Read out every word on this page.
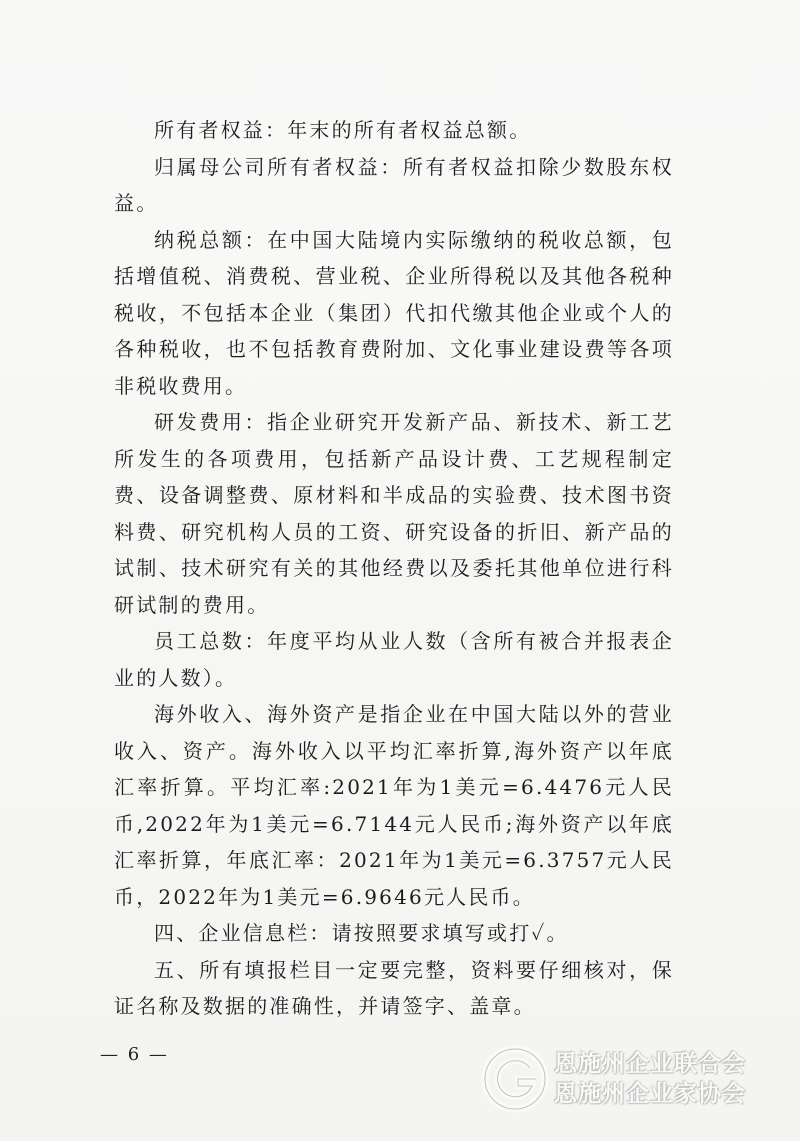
所有者权益：年末的所有者权益总额。

归属母公司所有者权益：所有者权益扣除少数股东权益。

纳税总额：在中国大陆境内实际缴纳的税收总额，包括增值税、消费税、营业税、企业所得税以及其他各税种税收，不包括本企业（集团）代扣代缴其他企业或个人的各种税收，也不包括教育费附加、文化事业建设费等各项非税收费用。

研发费用：指企业研究开发新产品、新技术、新工艺所发生的各项费用，包括新产品设计费、工艺规程制定费、设备调整费、原材料和半成品的实验费、技术图书资料费、研究机构人员的工资、研究设备的折旧、新产品的试制、技术研究有关的其他经费以及委托其他单位进行科研试制的费用。

员工总数：年度平均从业人数（含所有被合并报表企业的人数）。

海外收入、海外资产是指企业在中国大陆以外的营业收入、资产。海外收入以平均汇率折算,海外资产以年底汇率折算。平均汇率:2021年为1美元=6.4476元人民币,2022年为1美元=6.7144元人民币;海外资产以年底汇率折算，年底汇率：2021年为1美元=6.3757元人民币，2022年为1美元=6.9646元人民币。

四、企业信息栏：请按照要求填写或打✓。

五、所有填报栏目一定要完整，资料要仔细核对，保证名称及数据的准确性，并请签字、盖章。

— 6 —	恩施州企业联合会
恩施州企业家协会
